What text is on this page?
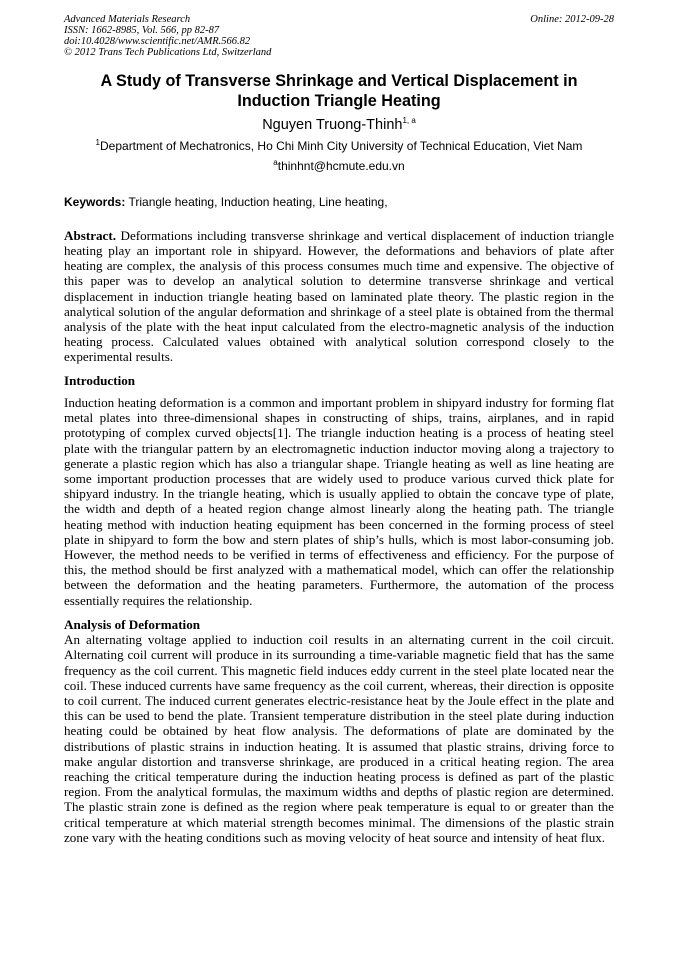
Advanced Materials Research	Online: 2012-09-28
ISSN: 1662-8985, Vol. 566, pp 82-87
doi:10.4028/www.scientific.net/AMR.566.82
© 2012 Trans Tech Publications Ltd, Switzerland
A Study of Transverse Shrinkage and Vertical Displacement in Induction Triangle Heating
Nguyen Truong-Thinh$^{1, a}$
$^1$Department of Mechatronics, Ho Chi Minh City University of Technical Education, Viet Nam
$^a$thinhnt@hcmute.edu.vn
Keywords: Triangle heating, Induction heating, Line heating,
Abstract. Deformations including transverse shrinkage and vertical displacement of induction triangle heating play an important role in shipyard. However, the deformations and behaviors of plate after heating are complex, the analysis of this process consumes much time and expensive. The objective of this paper was to develop an analytical solution to determine transverse shrinkage and vertical displacement in induction triangle heating based on laminated plate theory. The plastic region in the analytical solution of the angular deformation and shrinkage of a steel plate is obtained from the thermal analysis of the plate with the heat input calculated from the electro-magnetic analysis of the induction heating process. Calculated values obtained with analytical solution correspond closely to the experimental results.
Introduction
Induction heating deformation is a common and important problem in shipyard industry for forming flat metal plates into three-dimensional shapes in constructing of ships, trains, airplanes, and in rapid prototyping of complex curved objects[1]. The triangle induction heating is a process of heating steel plate with the triangular pattern by an electromagnetic induction inductor moving along a trajectory to generate a plastic region which has also a triangular shape. Triangle heating as well as line heating are some important production processes that are widely used to produce various curved thick plate for shipyard industry. In the triangle heating, which is usually applied to obtain the concave type of plate, the width and depth of a heated region change almost linearly along the heating path. The triangle heating method with induction heating equipment has been concerned in the forming process of steel plate in shipyard to form the bow and stern plates of ship’s hulls, which is most labor-consuming job. However, the method needs to be verified in terms of effectiveness and efficiency. For the purpose of this, the method should be first analyzed with a mathematical model, which can offer the relationship between the deformation and the heating parameters. Furthermore, the automation of the process essentially requires the relationship.
Analysis of Deformation
An alternating voltage applied to induction coil results in an alternating current in the coil circuit. Alternating coil current will produce in its surrounding a time-variable magnetic field that has the same frequency as the coil current. This magnetic field induces eddy current in the steel plate located near the coil. These induced currents have same frequency as the coil current, whereas, their direction is opposite to coil current. The induced current generates electric-resistance heat by the Joule effect in the plate and this can be used to bend the plate. Transient temperature distribution in the steel plate during induction heating could be obtained by heat flow analysis. The deformations of plate are dominated by the distributions of plastic strains in induction heating. It is assumed that plastic strains, driving force to make angular distortion and transverse shrinkage, are produced in a critical heating region. The area reaching the critical temperature during the induction heating process is defined as part of the plastic region. From the analytical formulas, the maximum widths and depths of plastic region are determined. The plastic strain zone is defined as the region where peak temperature is equal to or greater than the critical temperature at which material strength becomes minimal. The dimensions of the plastic strain zone vary with the heating conditions such as moving velocity of heat source and intensity of heat flux.
